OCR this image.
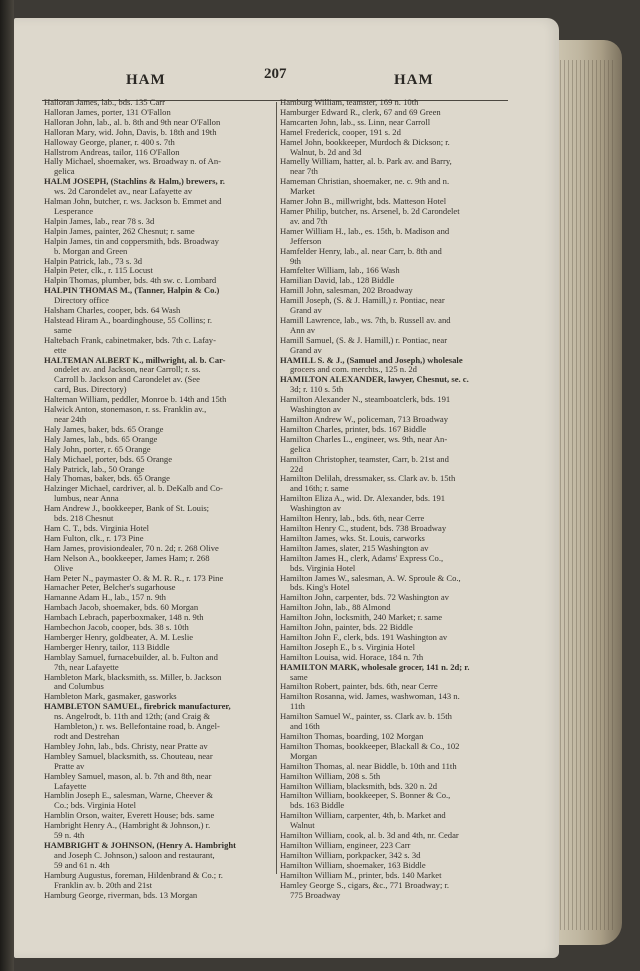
HAM	207	HAM
Halloran James, lab., bds. 135 Carr
Halloran James, porter, 131 O'Fallon
Halloran John, lab., al. b. 8th and 9th near O'Fallon
Halloran Mary, wid. John, Davis, b. 18th and 19th
Halloway George, planer, r. 400 s. 7th
Hallstrom Andreas, tailor, 116 O'Fallon
Hally Michael, shoemaker, ws. Broadway n. of An-
gelica
HALM JOSEPH, (Stachlins & Halm,) brewers, r.
ws. 2d Carondelet av., near Lafayette av
Halman John, butcher, r. ws. Jackson b. Emmet and
Lesperance
Halpin James, lab., rear 78 s. 3d
Halpin James, painter, 262 Chesnut; r. same
Halpin James, tin and coppersmith, bds. Broadway
b. Morgan and Green
Halpin Patrick, lab., 73 s. 3d
Halpin Peter, clk., r. 115 Locust
Halpin Thomas, plumber, bds. 4th sw. c. Lombard
HALPIN THOMAS M., (Tanner, Halpin & Co.)
Directory office
Halsham Charles, cooper, bds. 64 Wash
Halstead Hiram A., boardinghouse, 55 Collins; r.
same
Haltebach Frank, cabinetmaker, bds. 7th c. Lafay-
ette
HALTEMAN ALBERT K., millwright, al. b. Car-
ondelet av. and Jackson, near Carroll; r. ss.
Carroll b. Jackson and Carondelet av. (See
card, Bus. Directory)
Halteman William, peddler, Monroe b. 14th and 15th
Halwick Anton, stonemason, r. ss. Franklin av.,
near 24th
Haly James, baker, bds. 65 Orange
Haly James, lab., bds. 65 Orange
Haly John, porter, r. 65 Orange
Haly Michael, porter, bds. 65 Orange
Haly Patrick, lab., 50 Orange
Haly Thomas, baker, bds. 65 Orange
Halzinger Michael, cardriver, al. b. DeKalb and Co-
lumbus, near Anna
Ham Andrew J., bookkeeper, Bank of St. Louis;
bds. 218 Chesnut
Ham C. T., bds. Virginia Hotel
Ham Fulton, clk., r. 173 Pine
Ham James, provisiondealer, 70 n. 2d; r. 268 Olive
Ham Nelson A., bookkeeper, James Ham; r. 268
Olive
Ham Peter N., paymaster O. & M. R. R., r. 173 Pine
Hamacher Peter, Belcher's sugarhouse
Hamanne Adam H., lab., 157 n. 9th
Hambach Jacob, shoemaker, bds. 60 Morgan
Hambach Lebrach, paperboxmaker, 148 n. 9th
Hambechon Jacob, cooper, bds. 38 s. 10th
Hamberger Henry, goldbeater, A. M. Leslie
Hamberger Henry, tailor, 113 Biddle
Hamblay Samuel, furnacebuilder, al. b. Fulton and
7th, near Lafayette
Hambleton Mark, blacksmith, ss. Miller, b. Jackson
and Columbus
Hambleton Mark, gasmaker, gasworks
HAMBLETON SAMUEL, firebrick manufacturer,
ns. Angelrodt, b. 11th and 12th; (and Craig &
Hambleton,) r. ws. Bellefontaine road, b. Angel-
rodt and Destrehan
Hambley John, lab., bds. Christy, near Pratte av
Hambley Samuel, blacksmith, ss. Chouteau, near
Pratte av
Hambley Samuel, mason, al. b. 7th and 8th, near
Lafayette
Hamblin Joseph E., salesman, Warne, Cheever &
Co.; bds. Virginia Hotel
Hamblin Orson, waiter, Everett House; bds. same
Hambright Henry A., (Hambright & Johnson,) r.
59 n. 4th
HAMBRIGHT & JOHNSON, (Henry A. Hambright
and Joseph C. Johnson,) saloon and restaurant,
59 and 61 n. 4th
Hamburg Augustus, foreman, Hildenbrand & Co.; r.
Franklin av. b. 20th and 21st
Hamburg George, riverman, bds. 13 Morgan
Hamburg William, teamster, 169 n. 10th
Hamburger Edward R., clerk, 67 and 69 Green
Hamcarten John, lab., ss. Linn, near Carroll
Hamel Frederick, cooper, 191 s. 2d
Hamel John, bookkeeper, Murdoch & Dickson; r.
Walnut, b. 2d and 3d
Hamelly William, hatter, al. b. Park av. and Barry,
near 7th
Hameman Christian, shoemaker, ne. c. 9th and n.
Market
Hamer John B., millwright, bds. Matteson Hotel
Hamer Philip, butcher, ns. Arsenel, b. 2d Carondelet
av. and 7th
Hamer William H., lab., es. 15th, b. Madison and
Jefferson
Hamfelder Henry, lab., al. near Carr, b. 8th and
9th
Hamfelter William, lab., 166 Wash
Hamilian David, lab., 128 Biddle
Hamill John, salesman, 202 Broadway
Hamill Joseph, (S. & J. Hamill,) r. Pontiac, near
Grand av
Hamill Lawrence, lab., ws. 7th, b. Russell av. and
Ann av
Hamill Samuel, (S. & J. Hamill,) r. Pontiac, near
Grand av
HAMILL S. & J., (Samuel and Joseph,) wholesale
grocers and com. merchts., 125 n. 2d
HAMILTON ALEXANDER, lawyer, Chesnut, se. c.
3d; r. 110 s. 5th
Hamilton Alexander N., steamboatclerk, bds. 191
Washington av
Hamilton Andrew W., policeman, 713 Broadway
Hamilton Charles, printer, bds. 167 Biddle
Hamilton Charles L., engineer, ws. 9th, near An-
gelica
Hamilton Christopher, teamster, Carr, b. 21st and
22d
Hamilton Delilah, dressmaker, ss. Clark av. b. 15th
and 16th; r. same
Hamilton Eliza A., wid. Dr. Alexander, bds. 191
Washington av
Hamilton Henry, lab., bds. 6th, near Cerre
Hamilton Henry C., student, bds. 738 Broadway
Hamilton James, wks. St. Louis, carworks
Hamilton James, slater, 215 Washington av
Hamilton James H., clerk, Adams' Express Co.,
bds. Virginia Hotel
Hamilton James W., salesman, A. W. Sproule & Co.,
bds. King's Hotel
Hamilton John, carpenter, bds. 72 Washington av
Hamilton John, lab., 88 Almond
Hamilton John, locksmith, 240 Market; r. same
Hamilton John, painter, bds. 22 Biddle
Hamilton John F., clerk, bds. 191 Washington av
Hamilton Joseph E., b s. Virginia Hotel
Hamilton Louisa, wid. Horace, 184 n. 7th
HAMILTON MARK, wholesale grocer, 141 n. 2d; r.
same
Hamilton Robert, painter, bds. 6th, near Cerre
Hamilton Rosanna, wid. James, washwoman, 143 n.
11th
Hamilton Samuel W., painter, ss. Clark av. b. 15th
and 16th
Hamilton Thomas, boarding, 102 Morgan
Hamilton Thomas, bookkeeper, Blackall & Co., 102
Morgan
Hamilton Thomas, al. near Biddle, b. 10th and 11th
Hamilton William, 208 s. 5th
Hamilton William, blacksmith, bds. 320 n. 2d
Hamilton William, bookkeeper, S. Bonner & Co.,
bds. 163 Biddle
Hamilton William, carpenter, 4th, b. Market and
Walnut
Hamilton William, cook, al. b. 3d and 4th, nr. Cedar
Hamilton William, engineer, 223 Carr
Hamilton William, porkpacker, 342 s. 3d
Hamilton William, shoemaker, 163 Biddle
Hamilton William M., printer, bds. 140 Market
Hamley George S., cigars, &c., 771 Broadway; r.
775 Broadway
